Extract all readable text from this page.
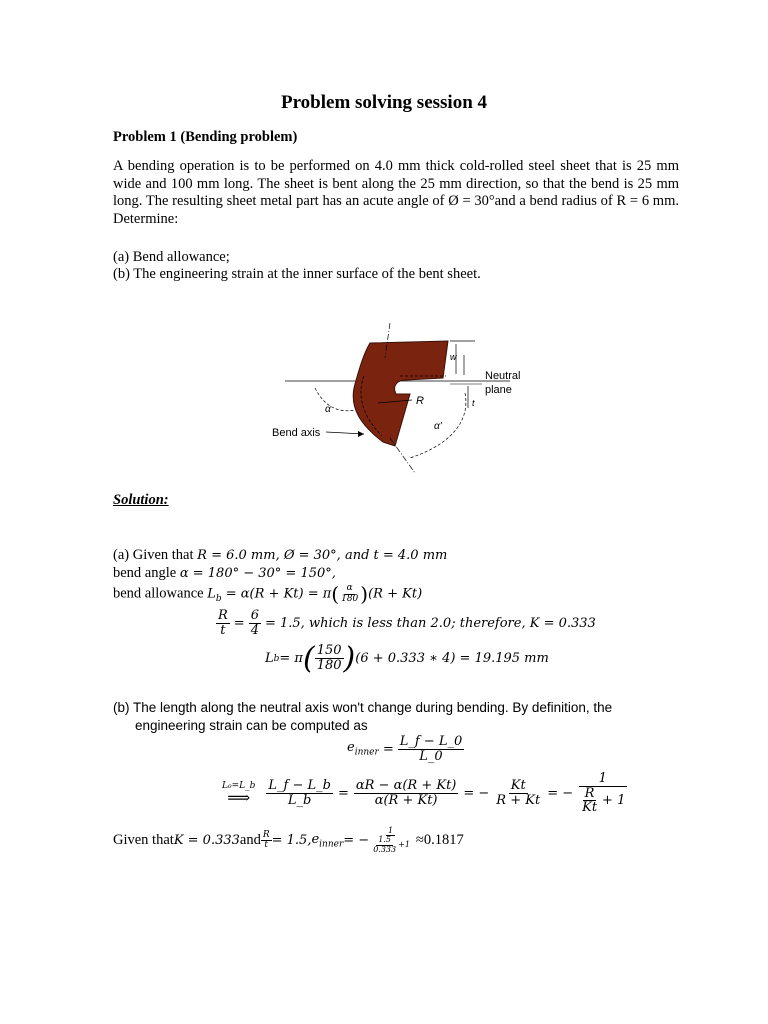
Problem solving session 4
Problem 1 (Bending problem)
A bending operation is to be performed on 4.0 mm thick cold-rolled steel sheet that is 25 mm wide and 100 mm long. The sheet is bent along the 25 mm direction, so that the bend is 25 mm long. The resulting sheet metal part has an acute angle of Ø = 30°and a bend radius of R = 6 mm. Determine:
(a) Bend allowance;
(b) The engineering strain at the inner surface of the bent sheet.
R
w
t
Neutral
plane
α
α'
Bend axis
Solution:
(a) Given that R = 6.0 mm, Ø = 30°, and t = 4.0 mm
bend angle α = 180° − 30° = 150°,
bend allowance $L_b = \alpha(R + Kt) = \pi( \frac{\alpha}{180} )(R + Kt)$
$\frac{R}{t} = \frac{6}{4} = 1.5$, which is less than 2.0; therefore, K = 0.333
L b = π ( $\frac{150}{180}$ ) (6 + 0.333 ∗ 4) = 19.195 mm
(b) The length along the neutral axis won't change during bending. By definition, the
engineering strain can be computed as
$e_{inner} = \frac{L\_f - L\_0}{L\_0}$
L₀=L_b
⟹ $\frac{L\_f - L\_b}{L\_b} = \frac{\alpha R - \alpha(R + Kt)}{\alpha(R + Kt)}$ = − $\frac{Kt}{R + Kt}$ = − $\frac{1}{\frac{R}{Kt} + 1}$
Given that K = 0.333 and $\frac{R}{t} = 1.5$, $e_{inner}$ = − $\frac{1}{\frac{1.5}{0.333} +1} \approx 0.1817$
